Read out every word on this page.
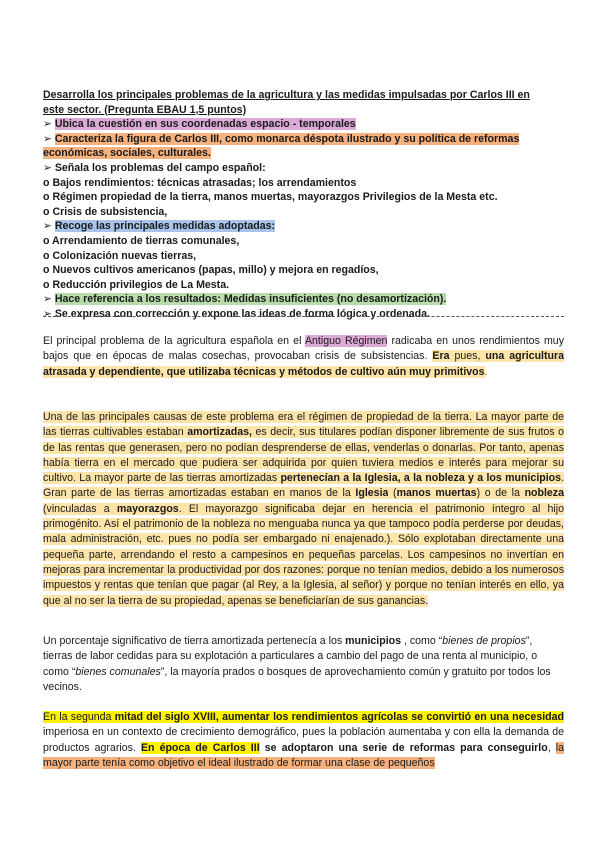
Desarrolla los principales problemas de la agricultura y las medidas impulsadas por Carlos III en
este sector. (Pregunta EBAU 1,5 puntos)
➢ Ubica la cuestión en sus coordenadas espacio - temporales
➢ Caracteriza la figura de Carlos III, como monarca déspota ilustrado y su política de reformas económicas, sociales, culturales.
➢ Señala los problemas del campo español:
o Bajos rendimientos: técnicas atrasadas; los arrendamientos
o Régimen propiedad de la tierra, manos muertas, mayorazgos Privilegios de la Mesta etc.
o Crisis de subsistencia,
➢ Recoge las principales medidas adoptadas:
o Arrendamiento de tierras comunales,
o Colonización nuevas tierras,
o Nuevos cultivos americanos (papas, millo) y mejora en regadíos,
o Reducción privilegios de La Mesta.
➢ Hace referencia a los resultados: Medidas insuficientes (no desamortización).
➢ Se expresa con corrección y expone las ideas de forma lógica y ordenada.
El principal problema de la agricultura española en el Antiguo Régimen radicaba en unos rendimientos muy bajos que en épocas de malas cosechas, provocaban crisis de subsistencias. Era pues, una agricultura atrasada y dependiente, que utilizaba técnicas y métodos de cultivo aún muy primitivos.
Una de las principales causas de este problema era el régimen de propiedad de la tierra. La mayor parte de las tierras cultivables estaban amortizadas, es decir, sus titulares podían disponer libremente de sus frutos o de las rentas que generasen, pero no podían desprenderse de ellas, venderlas o donarlas. Por tanto, apenas había tierra en el mercado que pudiera ser adquirida por quien tuviera medios e interés para mejorar su cultivo. La mayor parte de las tierras amortizadas pertenecían a la Iglesia, a la nobleza y a los municipios. Gran parte de las tierras amortizadas estaban en manos de la Iglesia (manos muertas) o de la nobleza (vinculadas a mayorazgos. El mayorazgo significaba dejar en herencia el patrimonio íntegro al hijo primogénito. Así el patrimonio de la nobleza no menguaba nunca ya que tampoco podía perderse por deudas, mala administración, etc. pues no podía ser embargado ni enajenado.). Sólo explotaban directamente una pequeña parte, arrendando el resto a campesinos en pequeñas parcelas. Los campesinos no invertían en mejoras para incrementar la productividad por dos razones: porque no tenían medios, debido a los numerosos impuestos y rentas que tenían que pagar (al Rey, a la Iglesia, al señor) y porque no tenían interés en ello, ya que al no ser la tierra de su propiedad, apenas se beneficiarían de sus ganancias.
Un porcentaje significativo de tierra amortizada pertenecía a los municipios , como “bienes de propios”, tierras de labor cedidas para su explotación a particulares a cambio del pago de una renta al municipio, o como “bienes comunales”, la mayoría prados o bosques de aprovechamiento común y gratuito por todos los vecinos.
En la segunda mitad del siglo XVIII, aumentar los rendimientos agrícolas se convirtió en una necesidad imperiosa en un contexto de crecimiento demográfico, pues la población aumentaba y con ella la demanda de productos agrarios. En época de Carlos III se adoptaron una serie de reformas para conseguirlo, la mayor parte tenía como objetivo el ideal ilustrado de formar una clase de pequeños
